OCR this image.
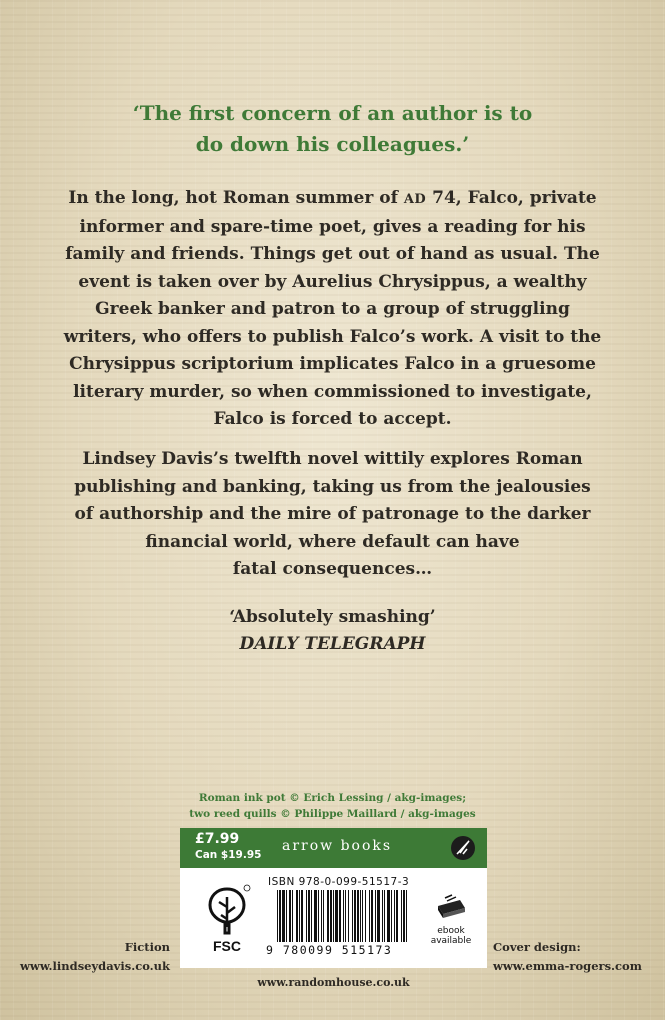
‘The first concern of an author is to
do down his colleagues.’
In the long, hot Roman summer of AD 74, Falco, private
informer and spare-time poet, gives a reading for his
family and friends. Things get out of hand as usual. The
event is taken over by Aurelius Chrysippus, a wealthy
Greek banker and patron to a group of struggling
writers, who offers to publish Falco’s work. A visit to the
Chrysippus scriptorium implicates Falco in a gruesome
literary murder, so when commissioned to investigate,
Falco is forced to accept.
Lindsey Davis’s twelfth novel wittily explores Roman
publishing and banking, taking us from the jealousies
of authorship and the mire of patronage to the darker
financial world, where default can have
fatal consequences…
‘Absolutely smashing’
DAILY TELEGRAPH
Roman ink pot © Erich Lessing / akg-images;
two reed quills © Philippe Maillard / akg-images
£7.99
Can $19.95
arrow books
FSC
ISBN 978-0-099-51517-3
9 780099 515173
ebook
available
Fiction
www.lindseydavis.co.uk
Cover design:
www.emma-rogers.com
www.randomhouse.co.uk
